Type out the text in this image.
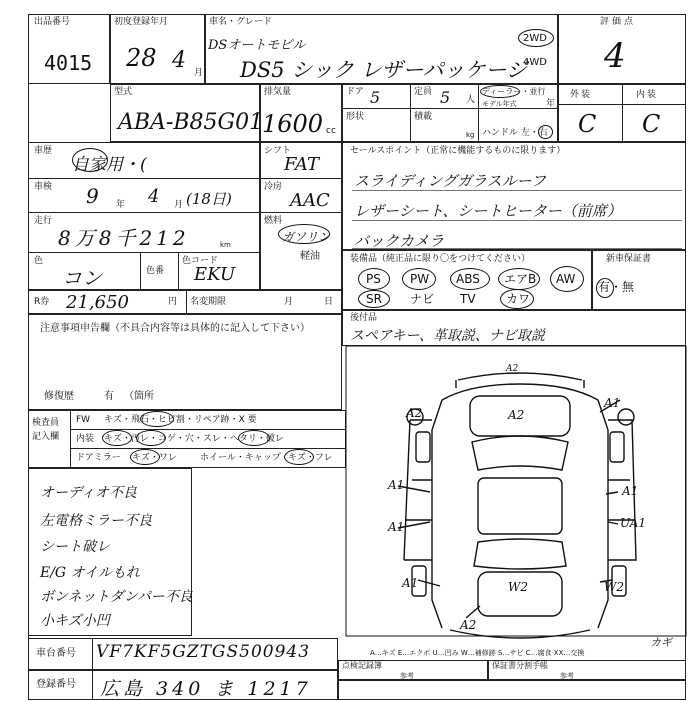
出品番号
4015
初度登録年月
28 4 月
車名・グレード
DSオートモビル
DS5 シック レザーパッケージ
2WD
4WD
評価点
4
型式
ABA-B85G01
排気量
1600 cc
ドア 5	定員 5 人
ディーラー・並行
モデル年式	年
形状	積載
kg ハンドル 左・右
外装	内装
C C
車歴
自家用・(
車検 9 年 4 月 (18日)
走行
8万8千212	km
色
コン	色番
色コード
EKU
シフト
FAT
冷房
AAC
燃料
ガソリン
軽油
R券 21,650	円 名変期限	月	日
セールスポイント（正常に機能するものに限ります）
スライディングガラスルーフ
レザーシート、シートヒーター（前席）
バックカメラ
装備品（純正品に限り〇をつけてください）
PS PW ABS エアB AW
SR ナビ TV	カワ
新車保証書
有・無
後付品
スペアキー、革取説、ナビ取説
注意事項申告欄（不具合内容等は具体的に記入して下さい）
修復歴	有 （箇所
検査員
記入欄
FW キズ・飛石・ヒビ割・リペア跡・X 要
内装 キズ・汚レ・コゲ・穴・スレ・ヘタリ・破レ
ドアミラー キズ・ワレ	ホイール・キャップ キズ・フレ
オーディオ不良
左電格ミラー不良
シート破レ
E/G オイルもれ
ボンネットダンパー不良
小キズ小凹
A2
A2
A1
A1
A1
A1
UA1
A1
W2	W2
A2
A2
A…キズ E…エクボ U…凹み W…補修跡 S…サビ C…腐食 XX…交換
カギ
車台番号 VF7KF5GZTGS500943
登録番号 広島 340 ま 1217
点検記録簿
参考
保証書分割手帳
参考
